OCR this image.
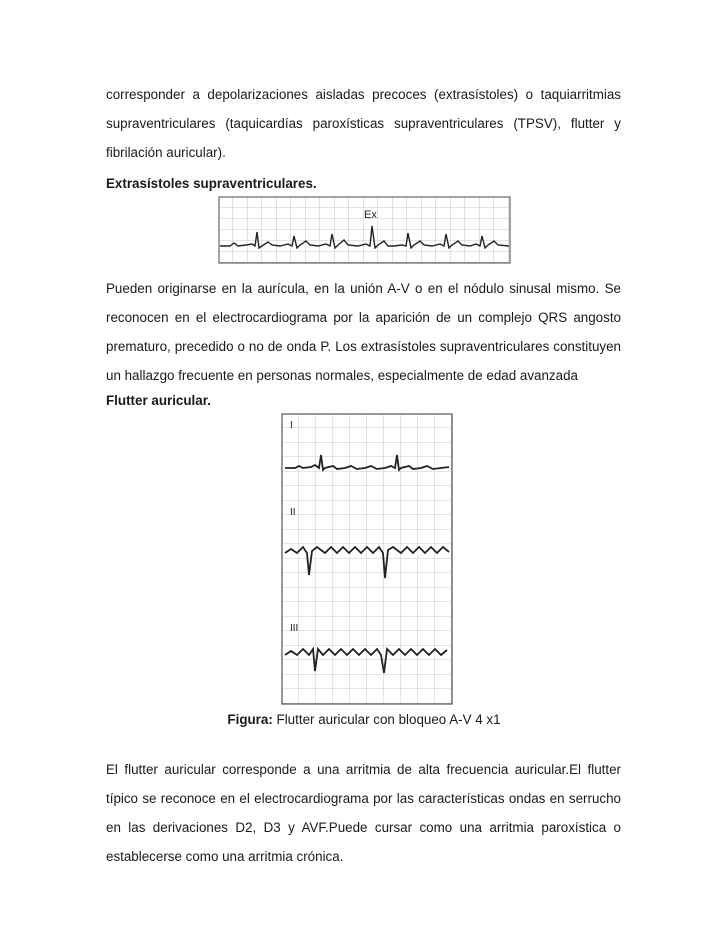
corresponder a depolarizaciones aisladas precoces (extrasístoles) o taquiarritmias supraventriculares (taquicardías paroxísticas supraventriculares (TPSV), flutter y fibrilación auricular).

Extrasístoles supraventriculares.

Ex

Pueden originarse en la aurícula, en la unión A-V o en el nódulo sinusal mismo. Se reconocen en el electrocardiograma por la aparición de un complejo QRS angosto prematuro, precedido o no de onda P. Los extrasístoles supraventriculares constituyen un hallazgo frecuente en personas normales, especialmente de edad avanzada

Flutter auricular.

I
II
III
Figura: Flutter auricular con bloqueo A-V 4 x1

El flutter auricular corresponde a una arritmia de alta frecuencia auricular.El flutter típico se reconoce en el electrocardiograma por las características ondas en serrucho en las derivaciones D2, D3 y AVF.Puede cursar como una arritmia paroxística o establecerse como una arritmia crónica.
